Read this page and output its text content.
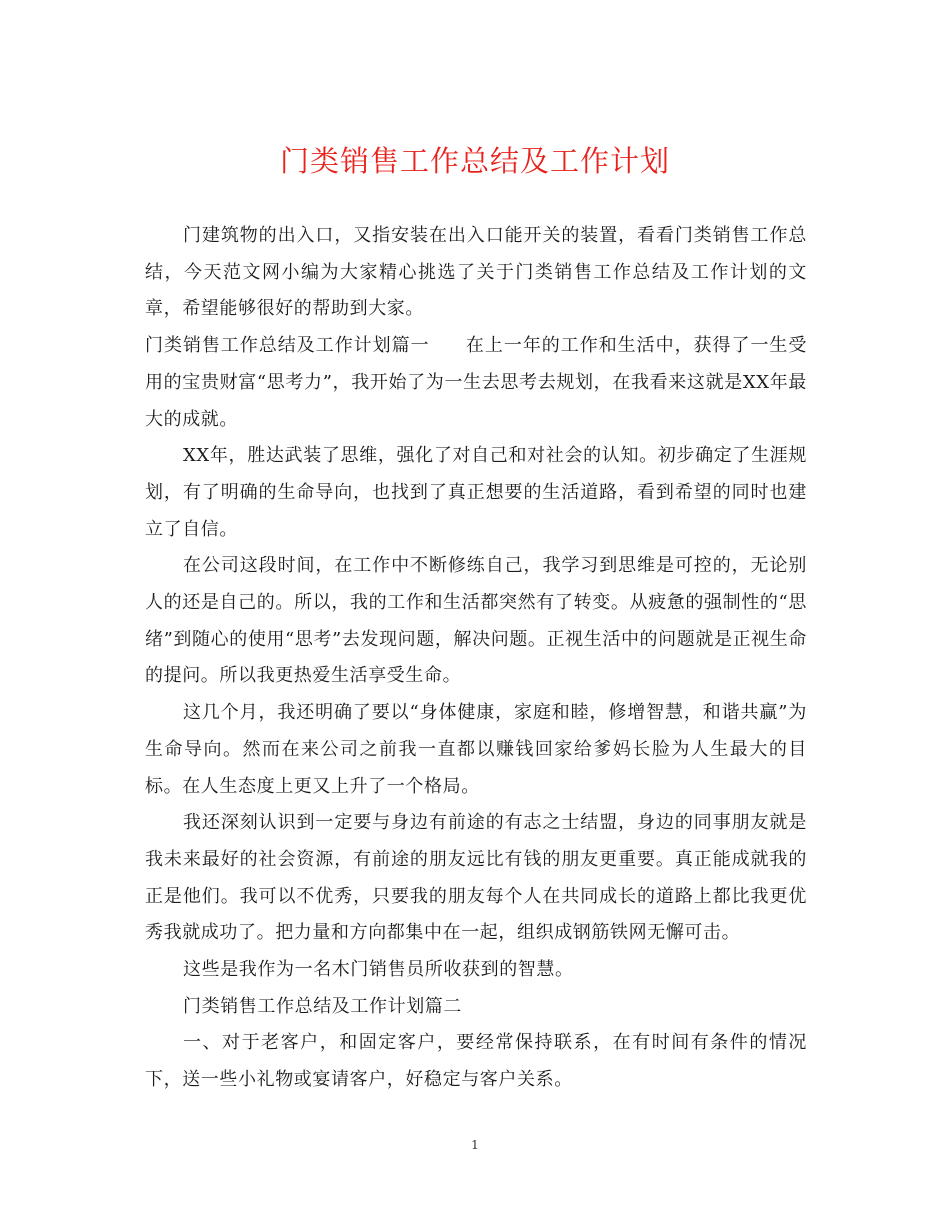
门类销售工作总结及工作计划

门建筑物的出入口，又指安装在出入口能开关的装置，看看门类销售工作总结，今天范文网小编为大家精心挑选了关于门类销售工作总结及工作计划的文章，希望能够很好的帮助到大家。

门类销售工作总结及工作计划篇一 在上一年的工作和生活中，获得了一生受用的宝贵财富“思考力”，我开始了为一生去思考去规划，在我看来这就是XX年最大的成就。

XX年，胜达武装了思维，强化了对自己和对社会的认知。初步确定了生涯规划，有了明确的生命导向，也找到了真正想要的生活道路，看到希望的同时也建立了自信。

在公司这段时间，在工作中不断修练自己，我学习到思维是可控的，无论别人的还是自己的。所以，我的工作和生活都突然有了转变。从疲惫的强制性的“思绪”到随心的使用“思考”去发现问题，解决问题。正视生活中的问题就是正视生命的提问。所以我更热爱生活享受生命。

这几个月，我还明确了要以“身体健康，家庭和睦，修增智慧，和谐共赢”为生命导向。然而在来公司之前我一直都以赚钱回家给爹妈长脸为人生最大的目标。在人生态度上更又上升了一个格局。

我还深刻认识到一定要与身边有前途的有志之士结盟，身边的同事朋友就是我未来最好的社会资源，有前途的朋友远比有钱的朋友更重要。真正能成就我的正是他们。我可以不优秀，只要我的朋友每个人在共同成长的道路上都比我更优秀我就成功了。把力量和方向都集中在一起，组织成钢筋铁网无懈可击。

这些是我作为一名木门销售员所收获到的智慧。

门类销售工作总结及工作计划篇二

一、对于老客户，和固定客户，要经常保持联系，在有时间有条件的情况下，送一些小礼物或宴请客户，好稳定与客户关系。

1
